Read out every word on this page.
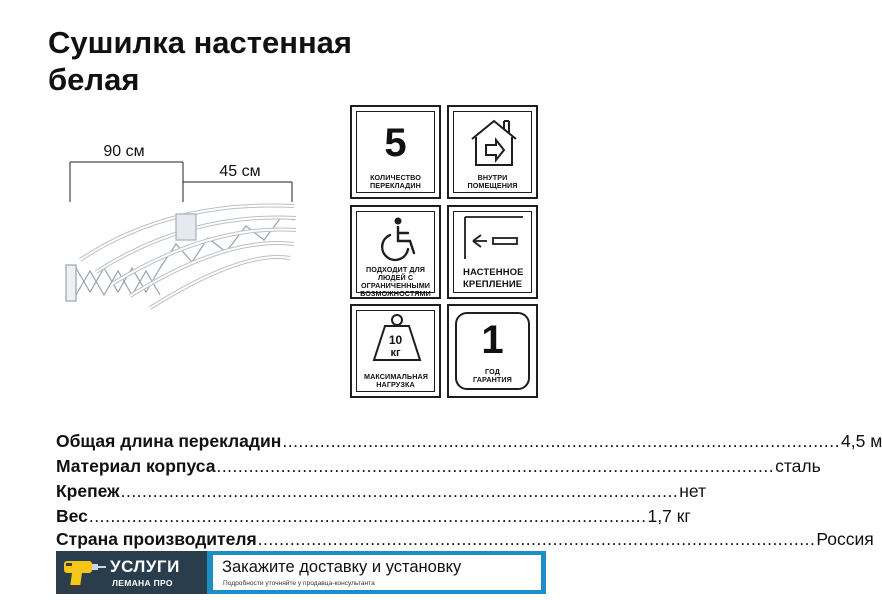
Сушилка настенная
белая
90 см
45 см
5
КОЛИЧЕСТВО ПЕРЕКЛАДИН
ВНУТРИ ПОМЕЩЕНИЯ
ПОДХОДИТ ДЛЯ ЛЮДЕЙ С ОГРАНИЧЕННЫМИ ВОЗМОЖНОСТЯМИ
НАСТЕННОЕ КРЕПЛЕНИЕ
10
кг
МАКСИМАЛЬНАЯ НАГРУЗКА
1
ГОД ГАРАНТИЯ
Общая длина перекладин ........................................................................................................ 4,5 м
Материал корпуса ........................................................................................................ сталь
Крепеж ........................................................................................................ нет
Вес ........................................................................................................ 1,7 кг
Страна производителя ........................................................................................................ Россия
УСЛУГИ
ЛЕМАНА ПРО
Закажите доставку и установку
Подробности уточняйте у продавца-консультанта
